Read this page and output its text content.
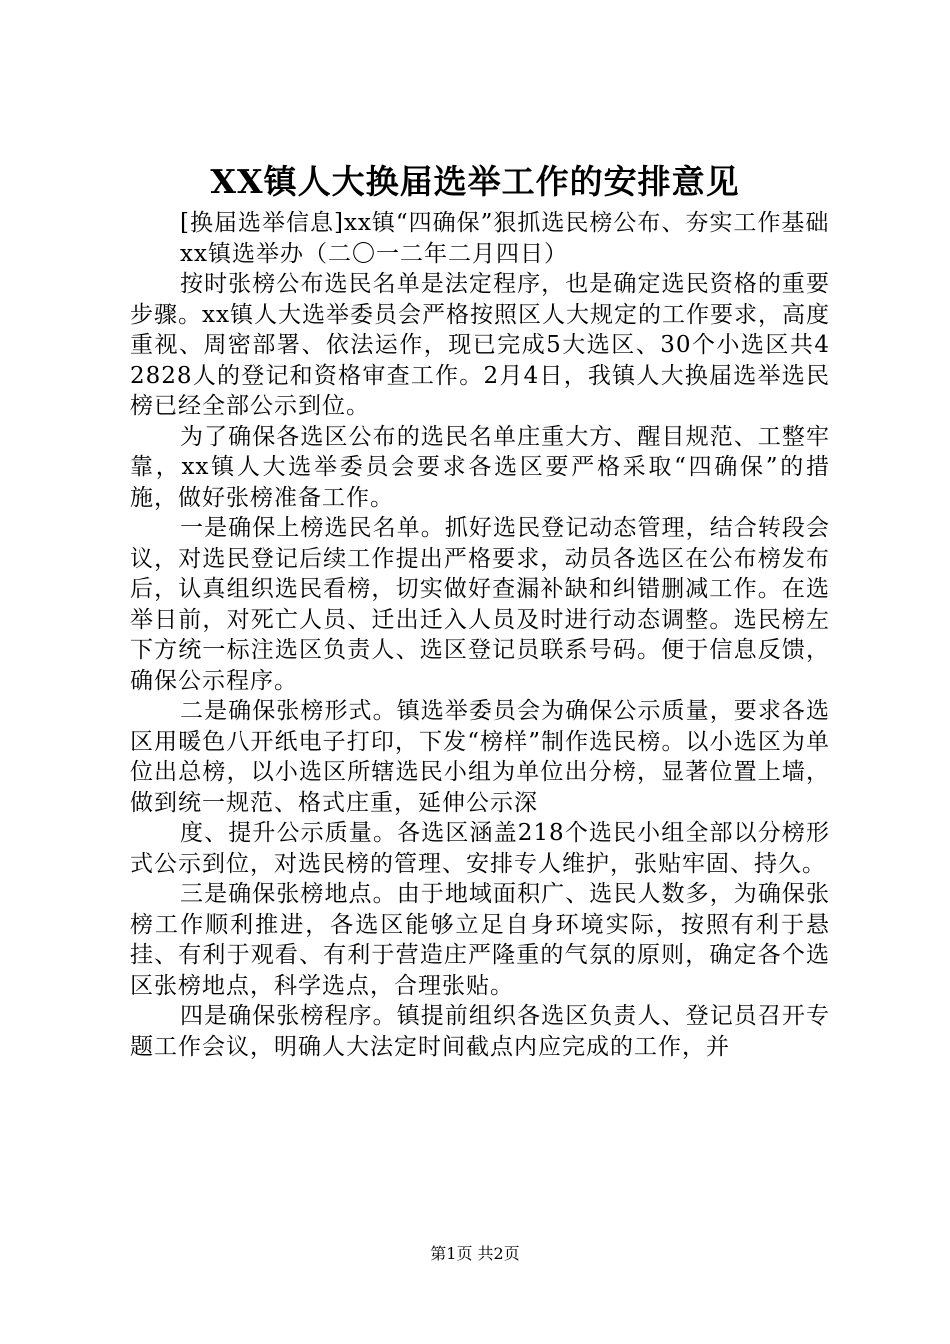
XX镇人大换届选举工作的安排意见

[换届选举信息]xx镇“四确保”狠抓选民榜公布、夯实工作基础

xx镇选举办（二〇一二年二月四日）

按时张榜公布选民名单是法定程序，也是确定选民资格的重要步骤。xx镇人大选举委员会严格按照区人大规定的工作要求，高度重视、周密部署、依法运作，现已完成5大选区、30个小选区共42828人的登记和资格审查工作。2月4日，我镇人大换届选举选民榜已经全部公示到位。

为了确保各选区公布的选民名单庄重大方、醒目规范、工整牢靠，xx镇人大选举委员会要求各选区要严格采取“四确保”的措施，做好张榜准备工作。

一是确保上榜选民名单。抓好选民登记动态管理，结合转段会议，对选民登记后续工作提出严格要求，动员各选区在公布榜发布后，认真组织选民看榜，切实做好查漏补缺和纠错删减工作。在选举日前，对死亡人员、迁出迁入人员及时进行动态调整。选民榜左下方统一标注选区负责人、选区登记员联系号码。便于信息反馈，确保公示程序。

二是确保张榜形式。镇选举委员会为确保公示质量，要求各选区用暖色八开纸电子打印，下发“榜样”制作选民榜。以小选区为单位出总榜，以小选区所辖选民小组为单位出分榜，显著位置上墙，做到统一规范、格式庄重，延伸公示深

度、提升公示质量。各选区涵盖218个选民小组全部以分榜形式公示到位，对选民榜的管理、安排专人维护，张贴牢固、持久。

三是确保张榜地点。由于地域面积广、选民人数多，为确保张榜工作顺利推进，各选区能够立足自身环境实际，按照有利于悬挂、有利于观看、有利于营造庄严隆重的气氛的原则，确定各个选区张榜地点，科学选点，合理张贴。

四是确保张榜程序。镇提前组织各选区负责人、登记员召开专题工作会议，明确人大法定时间截点内应完成的工作，并

第1页 共2页
